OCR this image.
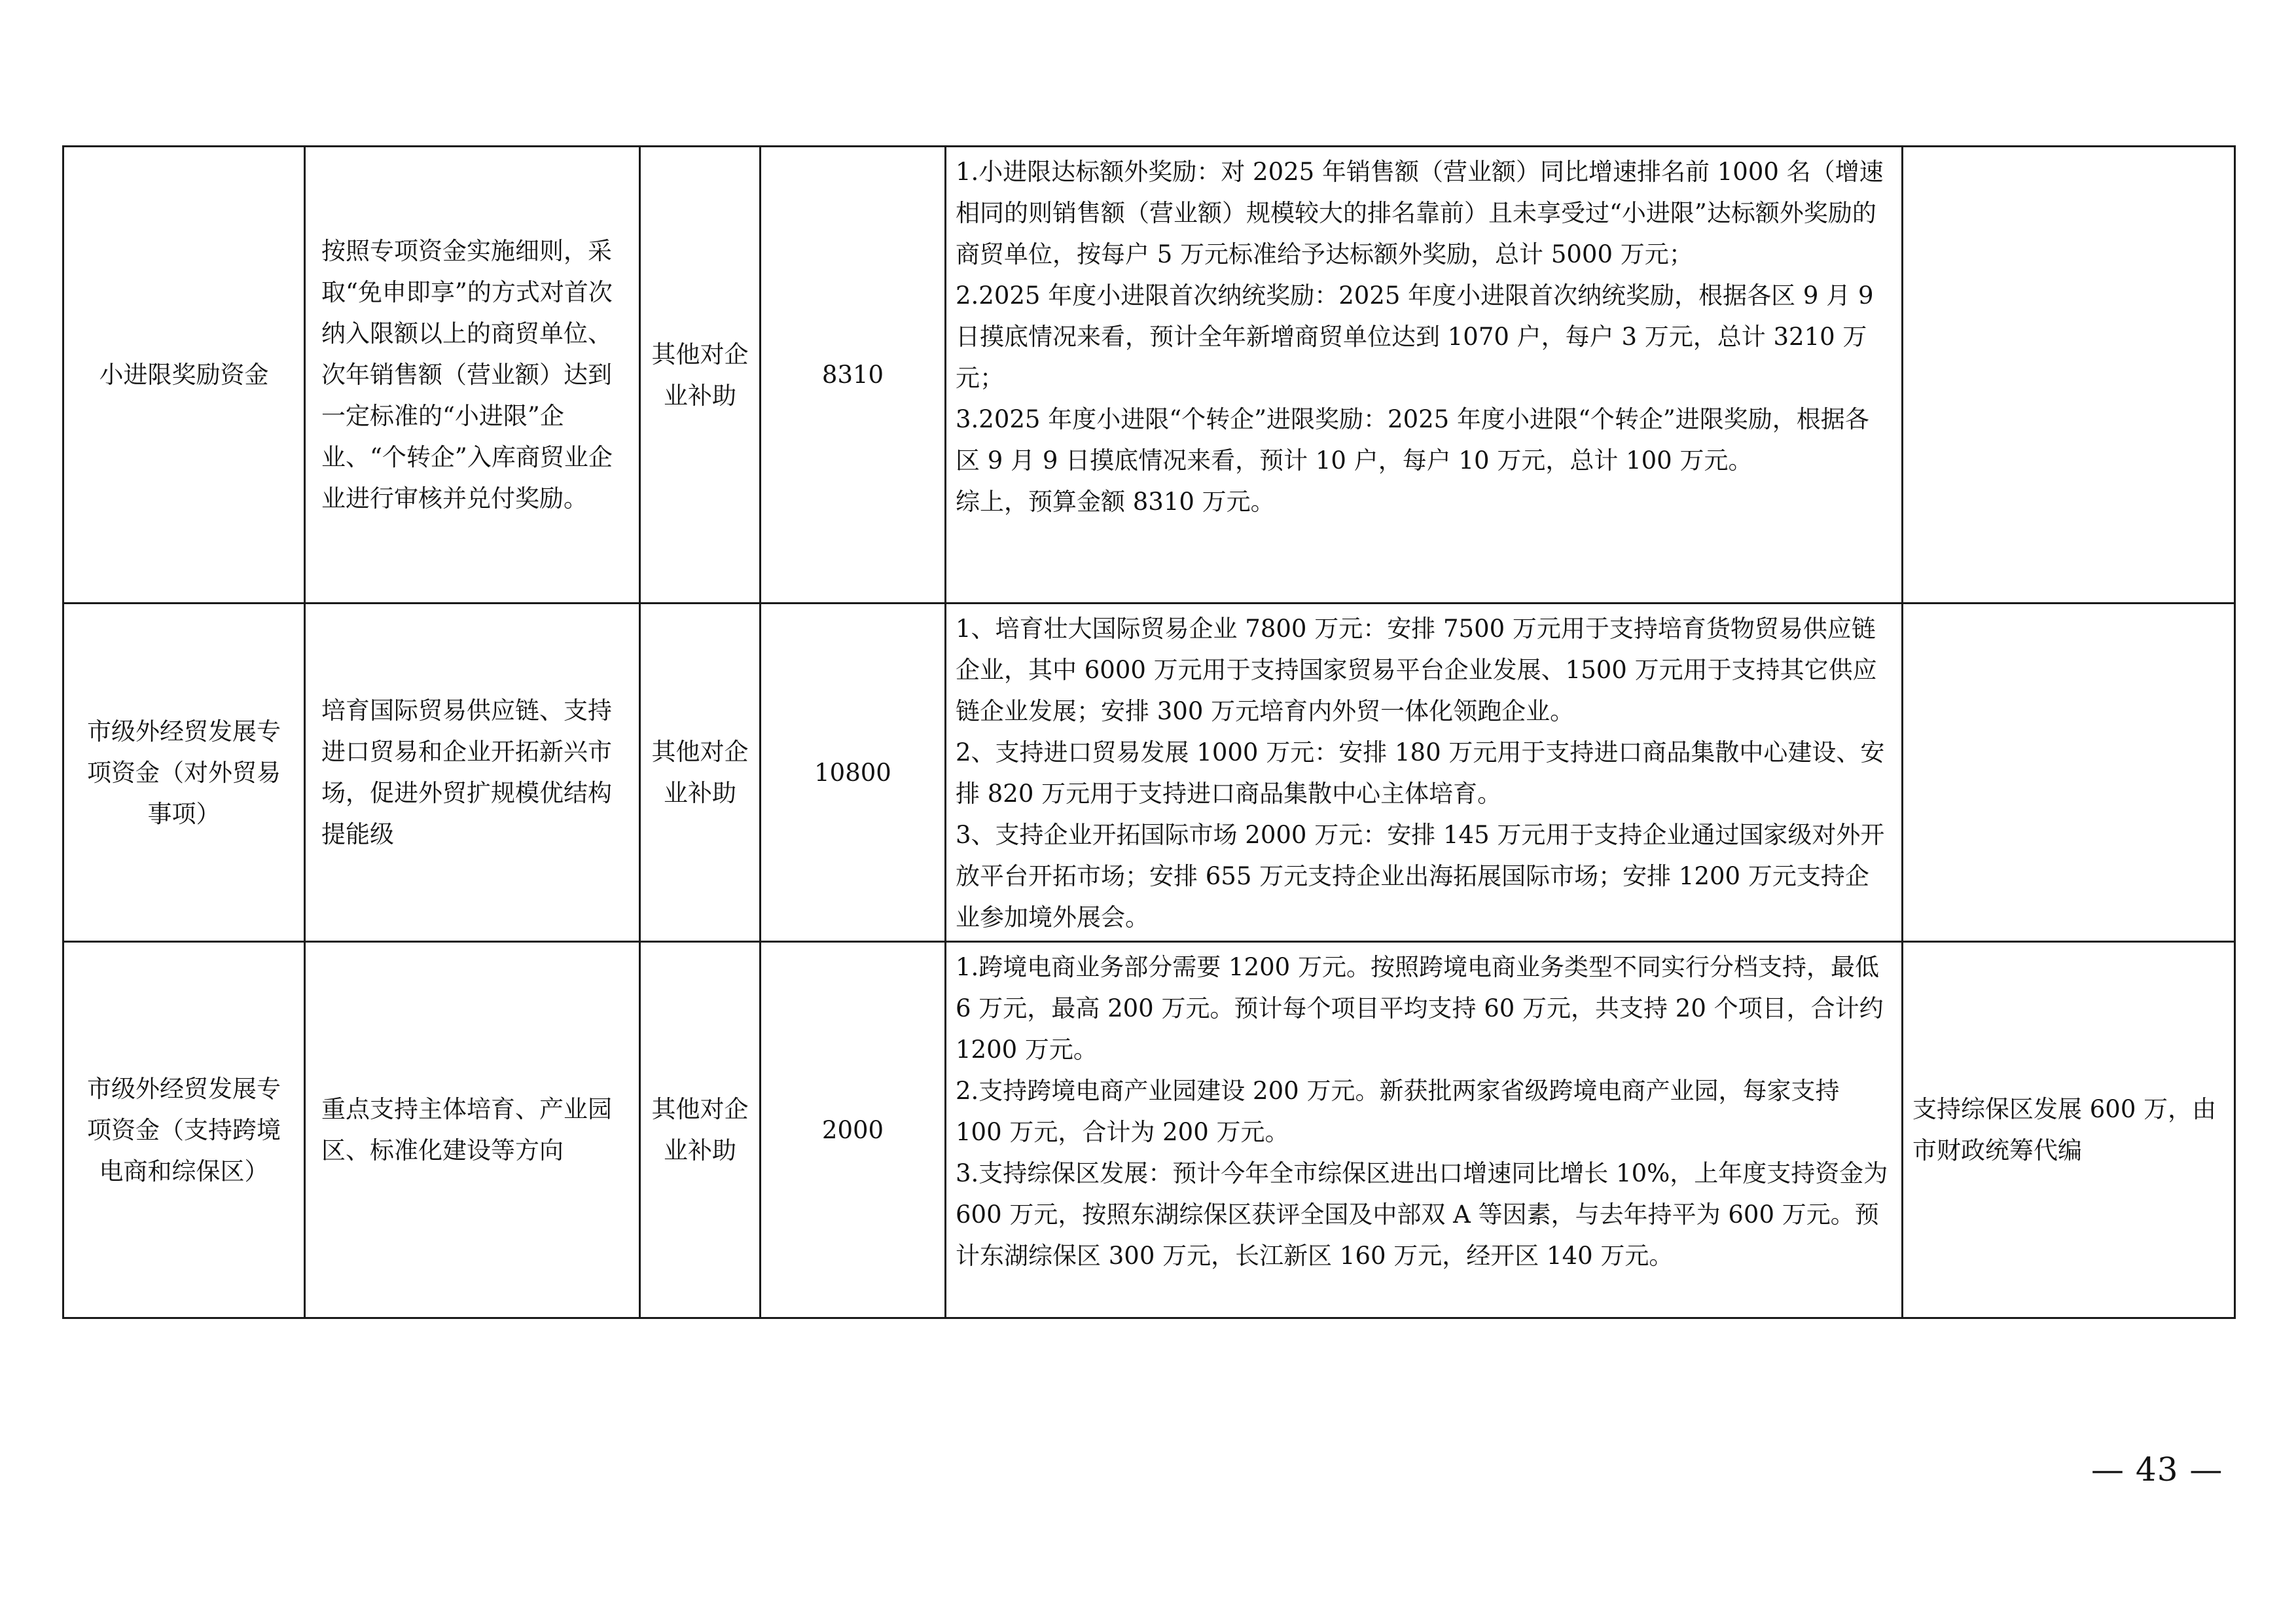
小进限奖励资金	按照专项资金实施细则，采取“免申即享”的方式对首次纳入限额以上的商贸单位、次年销售额（营业额）达到一定标准的“小进限”企业、“个转企”入库商贸业企业进行审核并兑付奖励。	其他对企业补助	8310	1.小进限达标额外奖励：对 2025 年销售额（营业额）同比增速排名前 1000 名（增速相同的则销售额（营业额）规模较大的排名靠前）且未享受过“小进限”达标额外奖励的商贸单位，按每户 5 万元标准给予达标额外奖励，总计 5000 万元；
2.2025 年度小进限首次纳统奖励：2025 年度小进限首次纳统奖励，根据各区 9 月 9 日摸底情况来看，预计全年新增商贸单位达到 1070 户，每户 3 万元，总计 3210 万元；
3.2025 年度小进限“个转企”进限奖励：2025 年度小进限“个转企”进限奖励，根据各区 9 月 9 日摸底情况来看，预计 10 户，每户 10 万元，总计 100 万元。
综上，预算金额 8310 万元。	

市级外经贸发展专项资金（对外贸易事项）	培育国际贸易供应链、支持进口贸易和企业开拓新兴市场，促进外贸扩规模优结构提能级	其他对企业补助	10800	1、培育壮大国际贸易企业 7800 万元：安排 7500 万元用于支持培育货物贸易供应链企业，其中 6000 万元用于支持国家贸易平台企业发展、1500 万元用于支持其它供应链企业发展；安排 300 万元培育内外贸一体化领跑企业。
2、支持进口贸易发展 1000 万元：安排 180 万元用于支持进口商品集散中心建设、安排 820 万元用于支持进口商品集散中心主体培育。
3、支持企业开拓国际市场 2000 万元：安排 145 万元用于支持企业通过国家级对外开放平台开拓市场；安排 655 万元支持企业出海拓展国际市场；安排 1200 万元支持企业参加境外展会。	

市级外经贸发展专项资金（支持跨境电商和综保区）	重点支持主体培育、产业园区、标准化建设等方向	其他对企业补助	2000	1.跨境电商业务部分需要 1200 万元。按照跨境电商业务类型不同实行分档支持，最低 6 万元，最高 200 万元。预计每个项目平均支持 60 万元，共支持 20 个项目，合计约 1200 万元。
2.支持跨境电商产业园建设 200 万元。新获批两家省级跨境电商产业园，每家支持 100 万元，合计为 200 万元。
3.支持综保区发展：预计今年全市综保区进出口增速同比增长 10%，上年度支持资金为 600 万元，按照东湖综保区获评全国及中部双 A 等因素，与去年持平为 600 万元。预计东湖综保区 300 万元，长江新区 160 万元，经开区 140 万元。	支持综保区发展 600 万，由市财政统筹代编
— 43 —
